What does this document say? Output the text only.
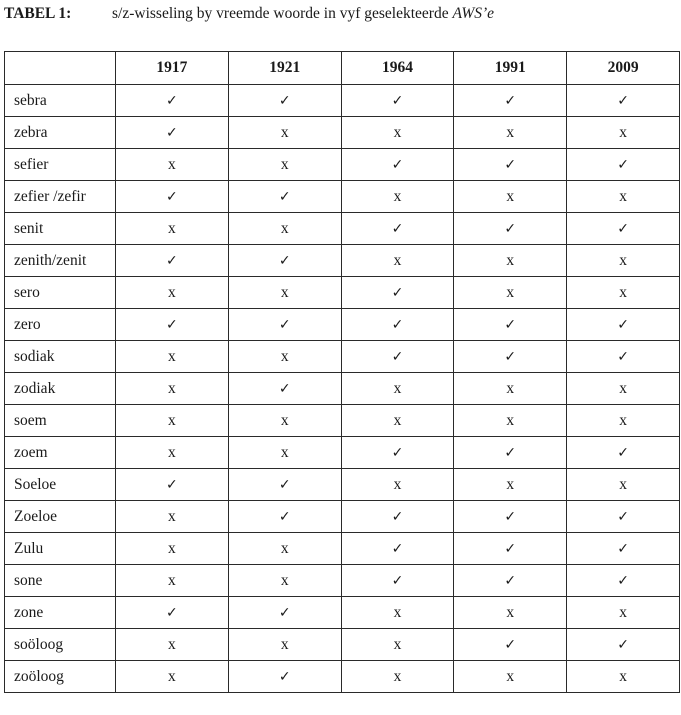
TABEL 1:	s/z-wisseling by vreemde woorde in vyf geselekteerde AWS’e
	1917	1921	1964	1991	2009
sebra	✓	✓	✓	✓	✓
zebra	✓	x	x	x	x
sefier	x	x	✓	✓	✓
zefier /zefir	✓	✓	x	x	x
senit	x	x	✓	✓	✓
zenith/zenit	✓	✓	x	x	x
sero	x	x	✓	x	x
zero	✓	✓	✓	✓	✓
sodiak	x	x	✓	✓	✓
zodiak	x	✓	x	x	x
soem	x	x	x	x	x
zoem	x	x	✓	✓	✓
Soeloe	✓	✓	x	x	x
Zoeloe	x	✓	✓	✓	✓
Zulu	x	x	✓	✓	✓
sone	x	x	✓	✓	✓
zone	✓	✓	x	x	x
soöloog	x	x	x	✓	✓
zoöloog	x	✓	x	x	x
